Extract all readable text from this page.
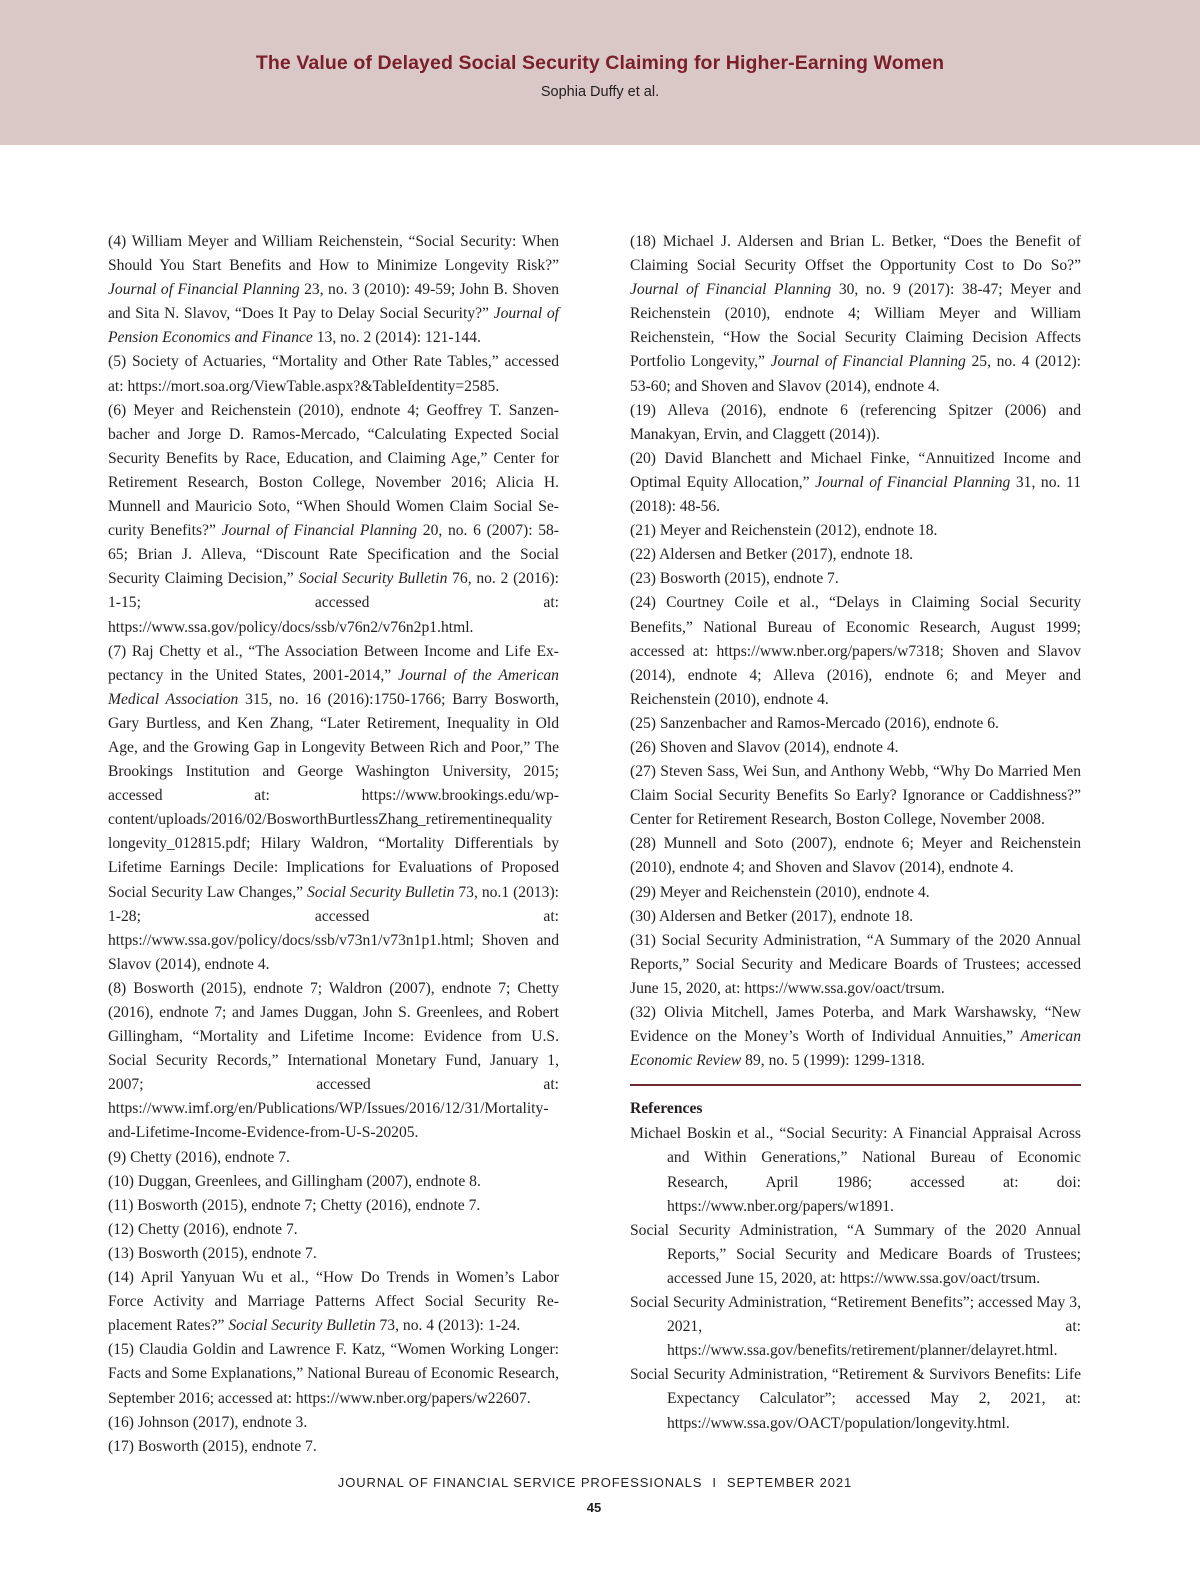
The Value of Delayed Social Security Claiming for Higher-Earning Women
Sophia Duffy et al.

(4) William Meyer and William Reichenstein, “Social Security: When Should You Start Benefits and How to Minimize Longevity Risk?” Journal of Financial Planning 23, no. 3 (2010): 49-59; John B. Shoven and Sita N. Slavov, “Does It Pay to Delay Social Security?” Journal of Pension Economics and Finance 13, no. 2 (2014): 121-144.

(5) Society of Actuaries, “Mortality and Other Rate Tables,” accessed at: https://mort.soa.org/ViewTable.aspx?&TableIdentity=2585.

(6) Meyer and Reichenstein (2010), endnote 4; Geoffrey T. Sanzenbacher and Jorge D. Ramos-Mercado, “Calculating Expected Social Security Benefits by Race, Education, and Claiming Age,” Center for Retirement Research, Boston College, November 2016; Alicia H. Munnell and Mauricio Soto, “When Should Women Claim Social Security Benefits?” Journal of Financial Planning 20, no. 6 (2007): 58-65; Brian J. Alleva, “Discount Rate Specification and the Social Security Claiming Decision,” Social Security Bulletin 76, no. 2 (2016): 1-15; accessed at: https://www.ssa.gov/policy/docs/ssb/v76n2/v76n2p1.html.

(7) Raj Chetty et al., “The Association Between Income and Life Expectancy in the United States, 2001-2014,” Journal of the American Medical Association 315, no. 16 (2016):1750-1766; Barry Bosworth, Gary Burtless, and Ken Zhang, “Later Retirement, Inequality in Old Age, and the Growing Gap in Longevity Between Rich and Poor,” The Brookings Institution and George Washington University, 2015; accessed at: https://www.brookings.edu/wp-content/uploads/2016/02/BosworthBurtlessZhang_retirementinequality longevity_012815.pdf; Hilary Waldron, “Mortality Differentials by Lifetime Earnings Decile: Implications for Evaluations of Proposed Social Security Law Changes,” Social Security Bulletin 73, no.1 (2013): 1-28; accessed at: https://www.ssa.gov/policy/docs/ssb/v73n1/v73n1p1.html; Shoven and Slavov (2014), endnote 4.

(8) Bosworth (2015), endnote 7; Waldron (2007), endnote 7; Chetty (2016), endnote 7; and James Duggan, John S. Greenlees, and Robert Gillingham, “Mortality and Lifetime Income: Evidence from U.S. Social Security Records,” International Monetary Fund, January 1, 2007; accessed at: https://www.imf.org/en/Publications/WP/Issues/2016/12/31/Mortality-and-Lifetime-Income-Evidence-from-U-S-20205.

(9) Chetty (2016), endnote 7.

(10) Duggan, Greenlees, and Gillingham (2007), endnote 8.

(11) Bosworth (2015), endnote 7; Chetty (2016), endnote 7.

(12) Chetty (2016), endnote 7.

(13) Bosworth (2015), endnote 7.

(14) April Yanyuan Wu et al., “How Do Trends in Women’s Labor Force Activity and Marriage Patterns Affect Social Security Replacement Rates?” Social Security Bulletin 73, no. 4 (2013): 1-24.

(15) Claudia Goldin and Lawrence F. Katz, “Women Working Longer: Facts and Some Explanations,” National Bureau of Economic Research, September 2016; accessed at: https://www.nber.org/papers/w22607.

(16) Johnson (2017), endnote 3.

(17) Bosworth (2015), endnote 7.

(18) Michael J. Aldersen and Brian L. Betker, “Does the Benefit of Claiming Social Security Offset the Opportunity Cost to Do So?” Journal of Financial Planning 30, no. 9 (2017): 38-47; Meyer and Reichenstein (2010), endnote 4; William Meyer and William Reichenstein, “How the Social Security Claiming Decision Affects Portfolio Longevity,” Journal of Financial Planning 25, no. 4 (2012): 53-60; and Shoven and Slavov (2014), endnote 4.

(19) Alleva (2016), endnote 6 (referencing Spitzer (2006) and Manakyan, Ervin, and Claggett (2014)).

(20) David Blanchett and Michael Finke, “Annuitized Income and Optimal Equity Allocation,” Journal of Financial Planning 31, no. 11 (2018): 48-56.

(21) Meyer and Reichenstein (2012), endnote 18.

(22) Aldersen and Betker (2017), endnote 18.

(23) Bosworth (2015), endnote 7.

(24) Courtney Coile et al., “Delays in Claiming Social Security Benefits,” National Bureau of Economic Research, August 1999; accessed at: https://www.nber.org/papers/w7318; Shoven and Slavov (2014), endnote 4; Alleva (2016), endnote 6; and Meyer and Reichenstein (2010), endnote 4.

(25) Sanzenbacher and Ramos-Mercado (2016), endnote 6.

(26) Shoven and Slavov (2014), endnote 4.

(27) Steven Sass, Wei Sun, and Anthony Webb, “Why Do Married Men Claim Social Security Benefits So Early? Ignorance or Caddishness?” Center for Retirement Research, Boston College, November 2008.

(28) Munnell and Soto (2007), endnote 6; Meyer and Reichenstein (2010), endnote 4; and Shoven and Slavov (2014), endnote 4.

(29) Meyer and Reichenstein (2010), endnote 4.

(30) Aldersen and Betker (2017), endnote 18.

(31) Social Security Administration, “A Summary of the 2020 Annual Reports,” Social Security and Medicare Boards of Trustees; accessed June 15, 2020, at: https://www.ssa.gov/oact/trsum.

(32) Olivia Mitchell, James Poterba, and Mark Warshawsky, “New Evidence on the Money’s Worth of Individual Annuities,” American Economic Review 89, no. 5 (1999): 1299-1318.

References

Michael Boskin et al., “Social Security: A Financial Appraisal Across and Within Generations,” National Bureau of Economic Research, April 1986; accessed at: doi: https://www.nber.org/papers/w1891.

Social Security Administration, “A Summary of the 2020 Annual Reports,” Social Security and Medicare Boards of Trustees; accessed June 15, 2020, at: https://www.ssa.gov/oact/trsum.

Social Security Administration, “Retirement Benefits”; accessed May 3, 2021, at: https://www.ssa.gov/benefits/retirement/planner/delayret.html.

Social Security Administration, “Retirement & Survivors Benefits: Life Expectancy Calculator”; accessed May 2, 2021, at: https://www.ssa.gov/OACT/population/longevity.html.

JOURNAL OF FINANCIAL SERVICE PROFESSIONALS I SEPTEMBER 2021
45
